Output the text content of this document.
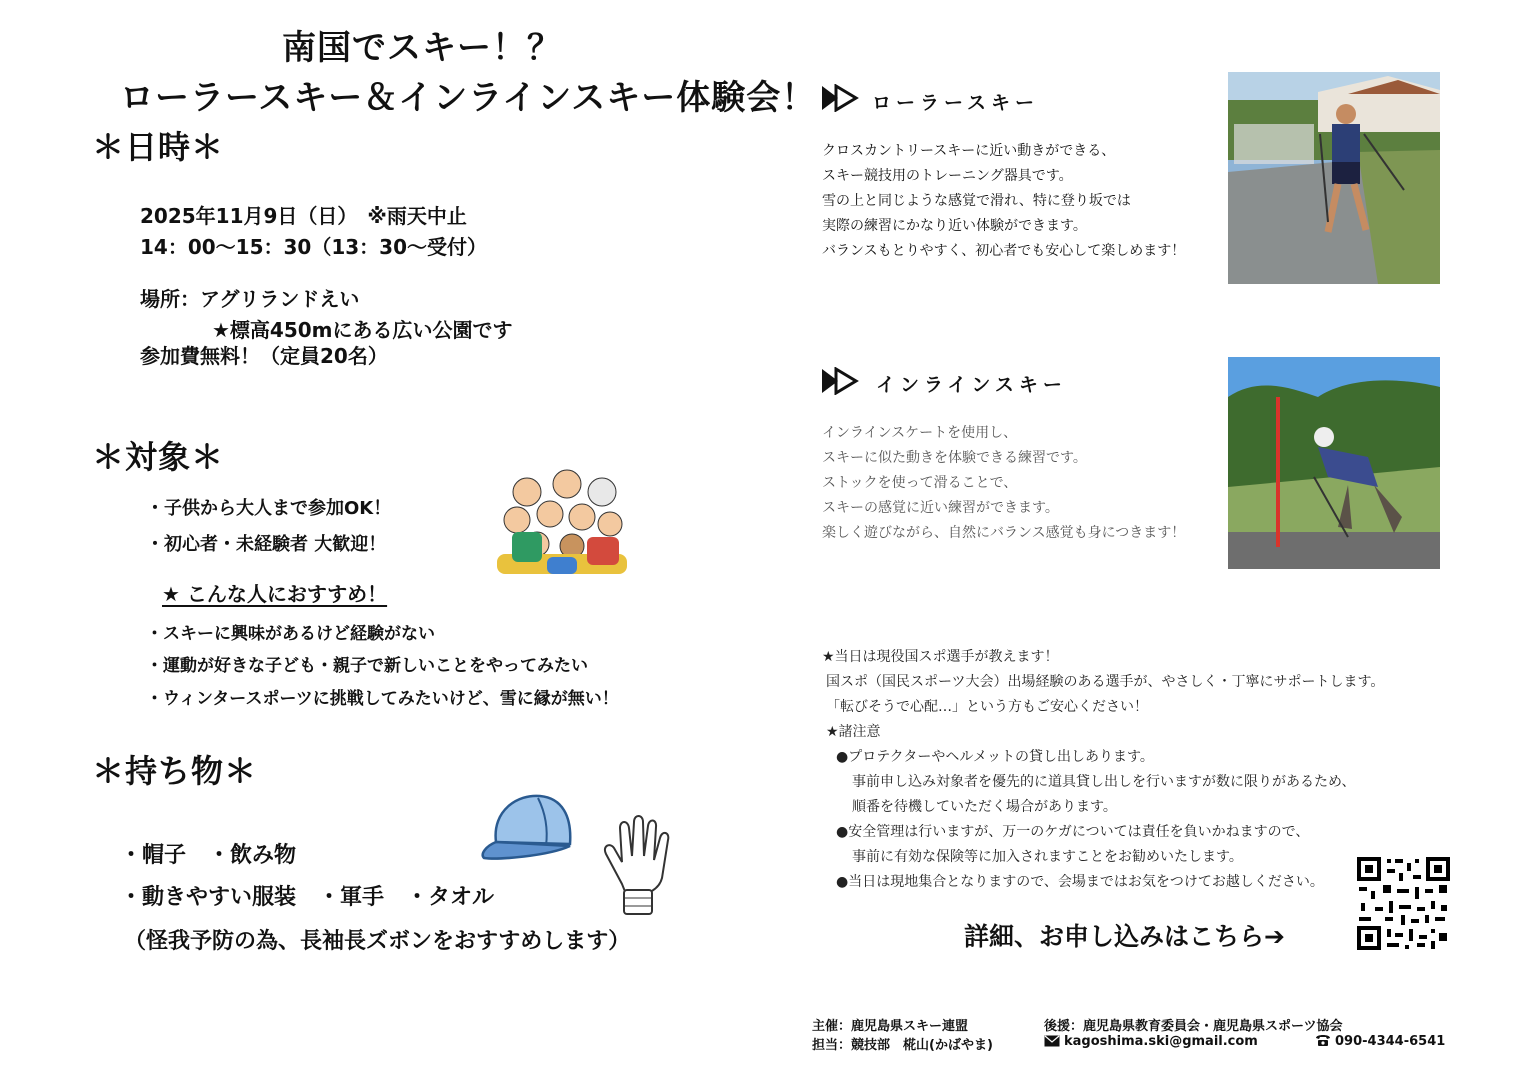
南国でスキー！？
ローラースキー＆インラインスキー体験会！
＊日時＊
2025年11月9日（日）　※雨天中止
14：00〜15：30（13：30〜受付）
場所：アグリランドえい
★標高450mにある広い公園です
参加費無料！（定員20名）
＊対象＊
・子供から大人まで参加OK！
・初心者・未経験者 大歓迎！
★ こんな人におすすめ！
・スキーに興味があるけど経験がない
・運動が好きな子ども・親子で新しいことをやってみたい
・ウィンタースポーツに挑戦してみたいけど、雪に縁が無い！
＊持ち物＊
・帽子　・飲み物
・動きやすい服装　・軍手　・タオル
（怪我予防の為、長袖長ズボンをおすすめします）
ローラースキー
クロスカントリースキーに近い動きができる、
スキー競技用のトレーニング器具です。
雪の上と同じような感覚で滑れ、特に登り坂では
実際の練習にかなり近い体験ができます。
バランスもとりやすく、初心者でも安心して楽しめます！
インラインスキー
インラインスケートを使用し、
スキーに似た動きを体験できる練習です。
ストックを使って滑ることで、
スキーの感覚に近い練習ができます。
楽しく遊びながら、自然にバランス感覚も身につきます！
★当日は現役国スポ選手が教えます！
国スポ（国民スポーツ大会）出場経験のある選手が、やさしく・丁寧にサポートします。
「転びそうで心配…」という方もご安心ください！
★諸注意
●プロテクターやヘルメットの貸し出しあります。
事前申し込み対象者を優先的に道具貸し出しを行いますが数に限りがあるため、
順番を待機していただく場合があります。
●安全管理は行いますが、万一のケガについては責任を負いかねますので、
事前に有効な保険等に加入されますことをお勧めいたします。
●当日は現地集合となりますので、会場まではお気をつけてお越しください。
詳細、お申し込みはこちら➔
主催：鹿児島県スキー連盟
担当：競技部　椛山(かばやま)
後援：鹿児島県教育委員会・鹿児島県スポーツ協会
kagoshima.ski@gmail.com	090-4344-6541
